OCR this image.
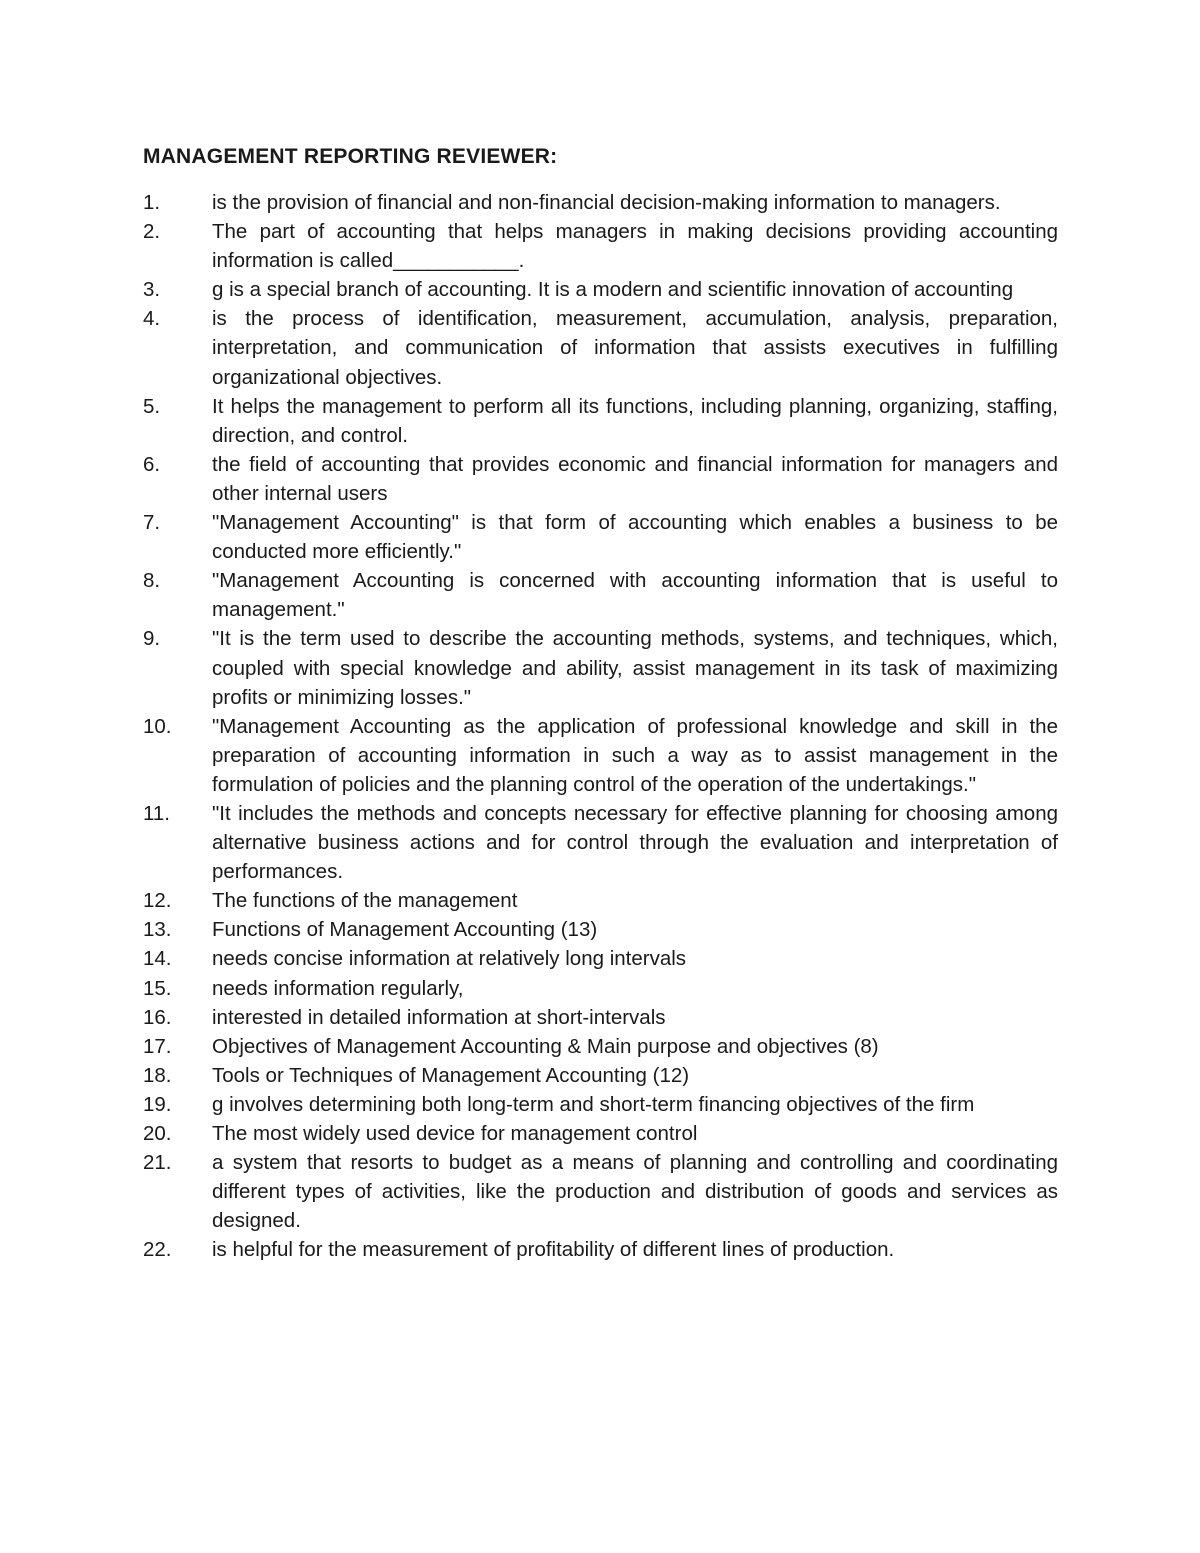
MANAGEMENT REPORTING REVIEWER:
1.	is the provision of financial and non-financial decision-making information to managers.
2.	The part of accounting that helps managers in making decisions providing accounting information is called___________.
3.	g is a special branch of accounting. It is a modern and scientific innovation of accounting
4.	is the process of identification, measurement, accumulation, analysis, preparation, interpretation, and communication of information that assists executives in fulfilling organizational objectives.
5.	It helps the management to perform all its functions, including planning, organizing, staffing, direction, and control.
6.	the field of accounting that provides economic and financial information for managers and other internal users
7.	"Management Accounting" is that form of accounting which enables a business to be conducted more efficiently."
8.	"Management Accounting is concerned with accounting information that is useful to management."
9.	"It is the term used to describe the accounting methods, systems, and techniques, which, coupled with special knowledge and ability, assist management in its task of maximizing profits or minimizing losses."
10.	"Management Accounting as the application of professional knowledge and skill in the preparation of accounting information in such a way as to assist management in the formulation of policies and the planning control of the operation of the undertakings."
11.	"It includes the methods and concepts necessary for effective planning for choosing among alternative business actions and for control through the evaluation and interpretation of performances.
12.	The functions of the management
13.	Functions of Management Accounting (13)
14.	needs concise information at relatively long intervals
15.	needs information regularly,
16.	interested in detailed information at short-intervals
17.	Objectives of Management Accounting & Main purpose and objectives (8)
18.	Tools or Techniques of Management Accounting (12)
19.	g involves determining both long-term and short-term financing objectives of the firm
20.	The most widely used device for management control
21.	a system that resorts to budget as a means of planning and controlling and coordinating different types of activities, like the production and distribution of goods and services as designed.
22.	is helpful for the measurement of profitability of different lines of production.
